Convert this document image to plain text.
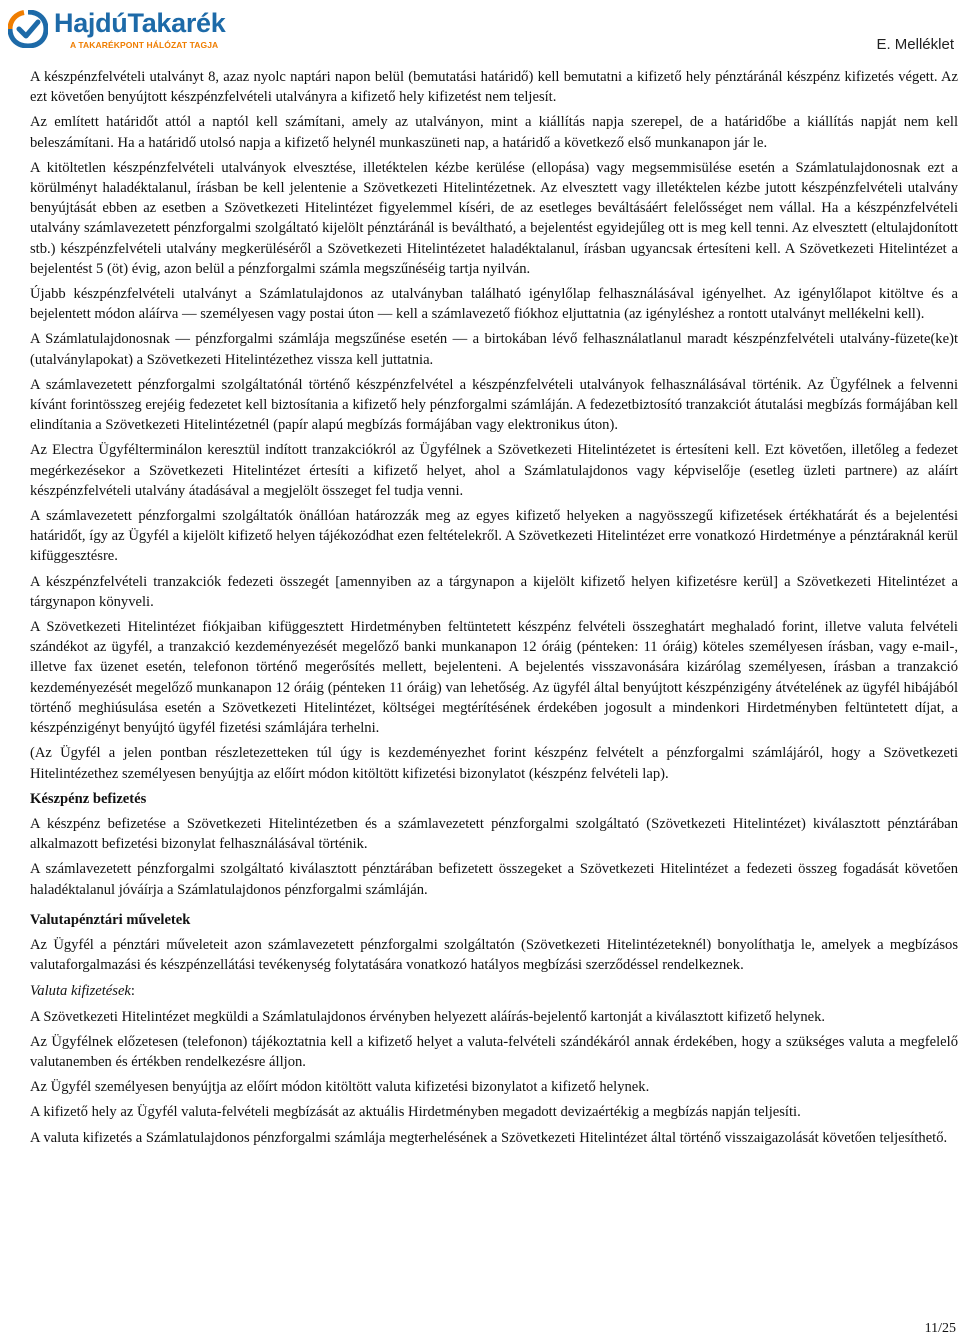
HajdúTakarék
A TAKARÉKPONT HÁLÓZAT TAGJA	E. Melléklet

A készpénzfelvételi utalványt 8, azaz nyolc naptári napon belül (bemutatási határidő) kell bemutatni a kifizető hely pénztáránál készpénz kifizetés végett. Az ezt követően benyújtott készpénzfelvételi utalványra a kifizető hely kifizetést nem teljesít.

Az említett határidőt attól a naptól kell számítani, amely az utalványon, mint a kiállítás napja szerepel, de a határidőbe a kiállítás napját nem kell beleszámítani. Ha a határidő utolsó napja a kifizető helynél munkaszüneti nap, a határidő a következő első munkanapon jár le.

A kitöltetlen készpénzfelvételi utalványok elvesztése, illetéktelen kézbe kerülése (ellopása) vagy megsemmisülése esetén a Számlatulajdonosnak ezt a körülményt haladéktalanul, írásban be kell jelentenie a Szövetkezeti Hitelintézetnek. Az elvesztett vagy illetéktelen kézbe jutott készpénzfelvételi utalvány benyújtását ebben az esetben a Szövetkezeti Hitelintézet figyelemmel kíséri, de az esetleges beváltásáért felelősséget nem vállal. Ha a készpénzfelvételi utalvány számlavezetett pénzforgalmi szolgáltató kijelölt pénztáránál is beváltható, a bejelentést egyidejűleg ott is meg kell tenni. Az elvesztett (eltulajdonított stb.) készpénzfelvételi utalvány megkerüléséről a Szövetkezeti Hitelintézetet haladéktalanul, írásban ugyancsak értesíteni kell. A Szövetkezeti Hitelintézet a bejelentést 5 (öt) évig, azon belül a pénzforgalmi számla megszűnéséig tartja nyilván.

Újabb készpénzfelvételi utalványt a Számlatulajdonos az utalványban található igénylőlap felhasználásával igényelhet. Az igénylőlapot kitöltve és a bejelentett módon aláírva — személyesen vagy postai úton — kell a számlavezető fiókhoz eljuttatnia (az igényléshez a rontott utalványt mellékelni kell).

A Számlatulajdonosnak — pénzforgalmi számlája megszűnése esetén — a birtokában lévő felhasználatlanul maradt készpénzfelvételi utalvány-füzete(ke)t (utalványlapokat) a Szövetkezeti Hitelintézethez vissza kell juttatnia.

A számlavezetett pénzforgalmi szolgáltatónál történő készpénzfelvétel a készpénzfelvételi utalványok felhasználásával történik. Az Ügyfélnek a felvenni kívánt forintösszeg erejéig fedezetet kell biztosítania a kifizető hely pénzforgalmi számláján. A fedezetbiztosító tranzakciót átutalási megbízás formájában kell elindítania a Szövetkezeti Hitelintézetnél (papír alapú megbízás formájában vagy elektronikus úton).

Az Electra Ügyfélterminálon keresztül indított tranzakciókról az Ügyfélnek a Szövetkezeti Hitelintézetet is értesíteni kell. Ezt követően, illetőleg a fedezet megérkezésekor a Szövetkezeti Hitelintézet értesíti a kifizető helyet, ahol a Számlatulajdonos vagy képviselője (esetleg üzleti partnere) az aláírt készpénzfelvételi utalvány átadásával a megjelölt összeget fel tudja venni.

A számlavezetett pénzforgalmi szolgáltatók önállóan határozzák meg az egyes kifizető helyeken a nagyösszegű kifizetések értékhatárát és a bejelentési határidőt, így az Ügyfél a kijelölt kifizető helyen tájékozódhat ezen feltételekről. A Szövetkezeti Hitelintézet erre vonatkozó Hirdetménye a pénztáraknál kerül kifüggesztésre.

A készpénzfelvételi tranzakciók fedezeti összegét [amennyiben az a tárgynapon a kijelölt kifizető helyen kifizetésre kerül] a Szövetkezeti Hitelintézet a tárgynapon könyveli.

A Szövetkezeti Hitelintézet fiókjaiban kifüggesztett Hirdetményben feltüntetett készpénz felvételi összeghatárt meghaladó forint, illetve valuta felvételi szándékot az ügyfél, a tranzakció kezdeményezését megelőző banki munkanapon 12 óráig (pénteken: 11 óráig) köteles személyesen írásban, vagy e-mail-, illetve fax üzenet esetén, telefonon történő megerősítés mellett, bejelenteni. A bejelentés visszavonására kizárólag személyesen, írásban a tranzakció kezdeményezését megelőző munkanapon 12 óráig (pénteken 11 óráig) van lehetőség. Az ügyfél által benyújtott készpénzigény átvételének az ügyfél hibájából történő meghiúsulása esetén a Szövetkezeti Hitelintézet, költségei megtérítésének érdekében jogosult a mindenkori Hirdetményben feltüntetett díjat, a készpénzigényt benyújtó ügyfél fizetési számlájára terhelni.

(Az Ügyfél a jelen pontban részletezetteken túl úgy is kezdeményezhet forint készpénz felvételt a pénzforgalmi számlájáról, hogy a Szövetkezeti Hitelintézethez személyesen benyújtja az előírt módon kitöltött kifizetési bizonylatot (készpénz felvételi lap).

Készpénz befizetés

A készpénz befizetése a Szövetkezeti Hitelintézetben és a számlavezetett pénzforgalmi szolgáltató (Szövetkezeti Hitelintézet) kiválasztott pénztárában alkalmazott befizetési bizonylat felhasználásával történik.

A számlavezetett pénzforgalmi szolgáltató kiválasztott pénztárában befizetett összegeket a Szövetkezeti Hitelintézet a fedezeti összeg fogadását követően haladéktalanul jóváírja a Számlatulajdonos pénzforgalmi számláján.

Valutapénztári műveletek

Az Ügyfél a pénztári műveleteit azon számlavezetett pénzforgalmi szolgáltatón (Szövetkezeti Hitelintézeteknél) bonyolíthatja le, amelyek a megbízásos valutaforgalmazási és készpénzellátási tevékenység folytatására vonatkozó hatályos megbízási szerződéssel rendelkeznek.

Valuta kifizetések:

A Szövetkezeti Hitelintézet megküldi a Számlatulajdonos érvényben helyezett aláírás-bejelentő kartonját a kiválasztott kifizető helynek.

Az Ügyfélnek előzetesen (telefonon) tájékoztatnia kell a kifizető helyet a valuta-felvételi szándékáról annak érdekében, hogy a szükséges valuta a megfelelő valutanemben és értékben rendelkezésre álljon.

Az Ügyfél személyesen benyújtja az előírt módon kitöltött valuta kifizetési bizonylatot a kifizető helynek.

A kifizető hely az Ügyfél valuta-felvételi megbízását az aktuális Hirdetményben megadott devizaértékig a megbízás napján teljesíti.

A valuta kifizetés a Számlatulajdonos pénzforgalmi számlája megterhelésének a Szövetkezeti Hitelintézet által történő visszaigazolását követően teljesíthető.

11/25
